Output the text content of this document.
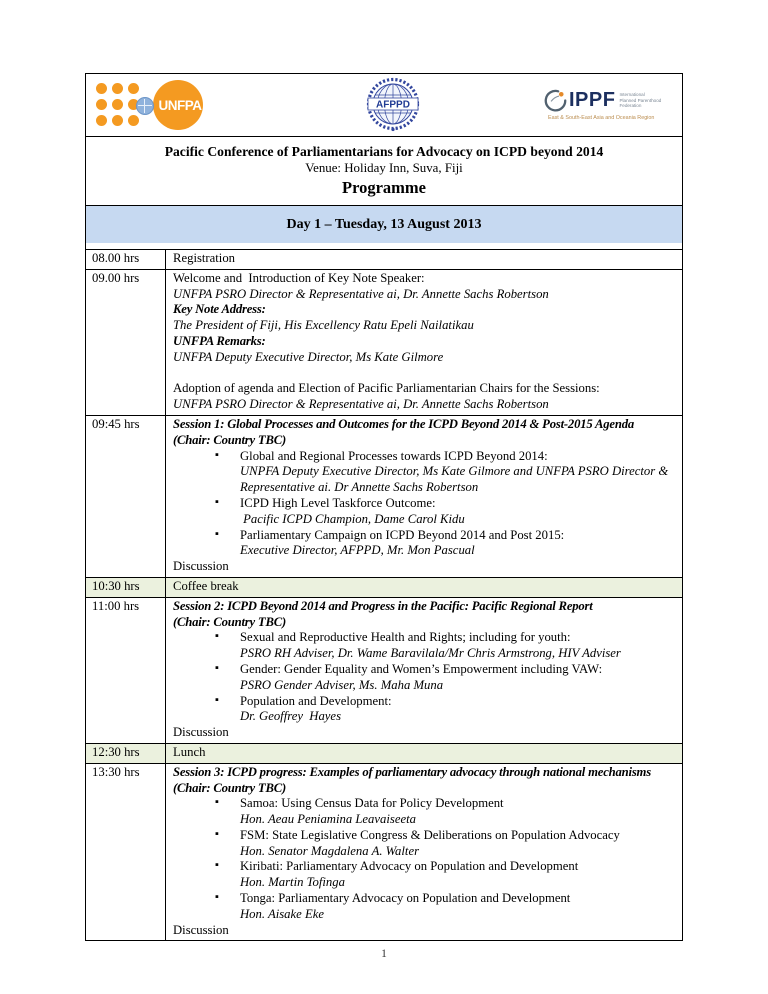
UNFPA	AFPPD	IPPF International
Planned Parenthood
Federation
East & South-East Asia and Oceania Region
Pacific Conference of Parliamentarians for Advocacy on ICPD beyond 2014
Venue: Holiday Inn, Suva, Fiji
Programme
Day 1 – Tuesday, 13 August 2013
08.00 hrs	Registration
09.00 hrs	Welcome and  Introduction of Key Note Speaker:
UNFPA PSRO Director & Representative ai, Dr. Annette Sachs Robertson
Key Note Address:
The President of Fiji, His Excellency Ratu Epeli Nailatikau
UNFPA Remarks:
UNFPA Deputy Executive Director, Ms Kate Gilmore
Adoption of agenda and Election of Pacific Parliamentarian Chairs for the Sessions:
UNFPA PSRO Director & Representative ai, Dr. Annette Sachs Robertson
09:45 hrs	Session 1: Global Processes and Outcomes for the ICPD Beyond 2014 & Post-2015 Agenda
(Chair: Country TBC)
▪ Global and Regional Processes towards ICPD Beyond 2014:
UNPFA Deputy Executive Director, Ms Kate Gilmore and UNFPA PSRO Director & Representative ai. Dr Annette Sachs Robertson
▪ ICPD High Level Taskforce Outcome:
Pacific ICPD Champion, Dame Carol Kidu
▪ Parliamentary Campaign on ICPD Beyond 2014 and Post 2015:
Executive Director, AFPPD, Mr. Mon Pascual
Discussion
10:30 hrs	Coffee break
11:00 hrs	Session 2: ICPD Beyond 2014 and Progress in the Pacific: Pacific Regional Report
(Chair: Country TBC)
▪ Sexual and Reproductive Health and Rights; including for youth:
PSRO RH Adviser, Dr. Wame Baravilala/Mr Chris Armstrong, HIV Adviser
▪ Gender: Gender Equality and Women’s Empowerment including VAW:
PSRO Gender Adviser, Ms. Maha Muna
▪ Population and Development:
Dr. Geoffrey  Hayes
Discussion
12:30 hrs	Lunch
13:30 hrs	Session 3: ICPD progress: Examples of parliamentary advocacy through national mechanisms
(Chair: Country TBC)
▪ Samoa: Using Census Data for Policy Development
Hon. Aeau Peniamina Leavaiseeta
▪ FSM: State Legislative Congress & Deliberations on Population Advocacy
Hon. Senator Magdalena A. Walter
▪ Kiribati: Parliamentary Advocacy on Population and Development
Hon. Martin Tofinga
▪ Tonga: Parliamentary Advocacy on Population and Development
Hon. Aisake Eke
Discussion
1
